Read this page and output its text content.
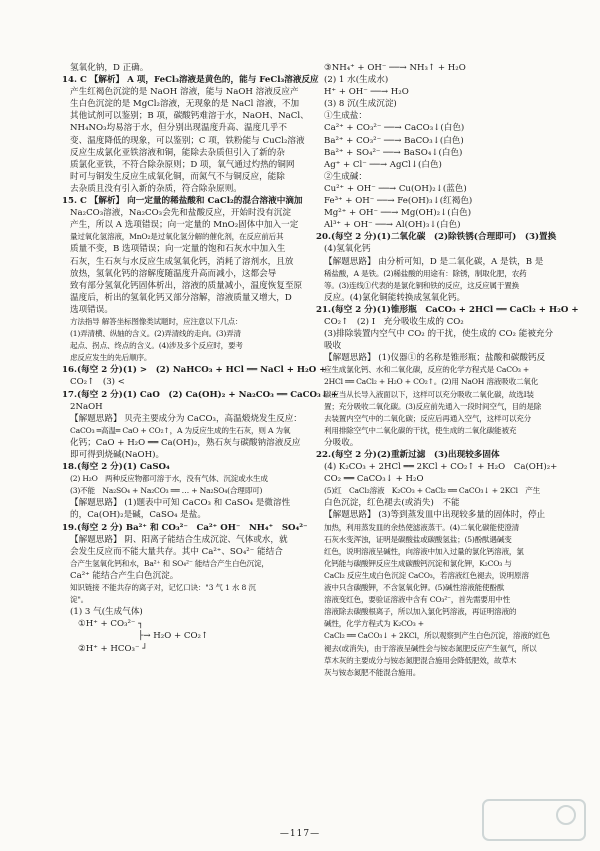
氢氧化钠，D 正确。
14. C 【解析】 A 项，FeCl₃溶液是黄色的，能与 FeCl₃溶液反应
产生红褐色沉淀的是 NaOH 溶液，能与 NaOH 溶液反应产
生白色沉淀的是 MgCl₂溶液，无现象的是 NaCl 溶液，不加
其他试剂可以鉴别；B 项，碳酸钙难溶于水，NaOH、NaCl、
NH₄NO₃均易溶于水，但分别出现温度升高、温度几乎不
变、温度降低的现象，可以鉴别；C 项，铁粉能与 CuCl₂溶液
反应生成氯化亚铁溶液和铜，能除去杂质但引入了新的杂
质氯化亚铁，不符合除杂原则；D 项，氧气通过灼热的铜网
时可与铜发生反应生成氧化铜，而氮气不与铜反应，能除
去杂质且没有引入新的杂质，符合除杂原则。
15. C 【解析】 向一定量的稀盐酸和 CaCl₂的混合溶液中滴加
Na₂CO₃溶液，Na₂CO₃会先和盐酸反应，开始时没有沉淀
产生，所以 A 选项错误；向一定量的 MnO₂固体中加入一定
量过氧化氢溶液，MnO₂是过氧化氢分解的催化剂，在反应前后其
质量不变，B 选项错误；向一定量的饱和石灰水中加入生
石灰，生石灰与水反应生成氢氧化钙，消耗了溶剂水，且放
放热，氢氧化钙的溶解度随温度升高而减小，这都会导
致有部分氢氧化钙固体析出，溶液的质量减小，温度恢复至原
温度后，析出的氢氧化钙又部分溶解，溶液质量又增大，D
选项错误。
方法指导 解答坐标图像类试题时，应注意以下几点：
(1)弄清横、纵轴的含义。(2)弄清线的走向。(3)弄清
起点、拐点、终点的含义。(4)涉及多个反应时，要考
虑反应发生的先后顺序。
16.(每空 2 分)(1) >　(2) NaHCO₃ + HCl ══ NaCl + H₂O +
CO₂↑　(3) <
17.(每空 2 分)(1) CaO　(2) Ca(OH)₂ + Na₂CO₃ ══ CaCO₃↓ +
2NaOH
【解题思路】 贝壳主要成分为 CaCO₃，高温煅烧发生反应：
CaCO₃ ═高温═ CaO + CO₂↑，A 为反应生成的生石灰，则 A 为氧
化钙；CaO + H₂O ══ Ca(OH)₂，熟石灰与碳酸钠溶液反应
即可得到烧碱(NaOH)。
18.(每空 2 分)(1) CaSO₄
(2) H₂O　两种反应物都可溶于水，没有气体、沉淀或水生成
(3)不能　Na₂SO₄ + Na₂CO₃ ══ … + Na₂SO₄(合理即可)
【解题思路】 (1)题表中可知 CaCO₃ 和 CaSO₄ 是微溶性
的，Ca(OH)₂是碱，CaSO₄ 是盐。
19.(每空 2 分) Ba²⁺ 和 CO₃²⁻　Ca²⁺ OH⁻　NH₄⁺　SO₄²⁻
【解题思路】 阴、阳离子能结合生成沉淀、气体或水，就
会发生反应而不能大量共存。其中 Ca²⁺、SO₄²⁻ 能结合
合产生氢氧化钙和水，Ba²⁺ 和 SO₄²⁻ 能结合产生白色沉淀，
Ca²⁺ 能结合产生白色沉淀。
知识链接 不能共存的离子对，记忆口诀："3 气 1 水 8 沉
淀"。
(1) 3 气(生成气体)
①H⁺ + CO₃²⁻ ┐
　　　　　　　├→ H₂O + CO₂↑
②H⁺ + HCO₃⁻ ┘
③NH₄⁺ + OH⁻ ──→ NH₃↑ + H₂O
(2) 1 水(生成水)
H⁺ + OH⁻ ──→ H₂O
(3) 8 沉(生成沉淀)
①生成盐：
Ca²⁺ + CO₃²⁻ ──→ CaCO₃↓(白色)
Ba²⁺ + CO₃²⁻ ──→ BaCO₃↓(白色)
Ba²⁺ + SO₄²⁻ ──→ BaSO₄↓(白色)
Ag⁺ + Cl⁻ ──→ AgCl↓(白色)
②生成碱：
Cu²⁺ + OH⁻ ──→ Cu(OH)₂↓(蓝色)
Fe³⁺ + OH⁻ ──→ Fe(OH)₃↓(红褐色)
Mg²⁺ + OH⁻ ──→ Mg(OH)₂↓(白色)
Al³⁺ + OH⁻ ──→ Al(OH)₃↓(白色)
20.(每空 2 分)(1)二氧化碳　(2)除铁锈(合理即可)　(3)置换
(4)氢氧化钙
【解题思路】 由分析可知，D 是二氧化碳，A 是铁，B 是
稀盐酸，A 是铁。(2)稀盐酸的用途有：除锈，制取化肥，农药
等。(3)连线①代表的是氯化铜和铁的反应，这反应属于置换
反应。(4)氯化铜能转换成氢氧化钙。
21.(每空 2 分)(1)锥形瓶　CaCO₃ + 2HCl ══ CaCl₂ + H₂O +
CO₂↑　(2) Ⅰ　充分吸收生成的 CO₂
(3)排除装置内空气中 CO₂ 的干扰，使生成的 CO₂ 能被充分
吸收
【解题思路】 (1)仪器①的名称是锥形瓶；盐酸和碳酸钙反
应生成氯化钙、水和二氧化碳，反应的化学方程式是 CaCO₃ +
2HCl ══ CaCl₂ + H₂O + CO₂↑。(2)用 NaOH 溶液吸收二氧化
碳应当从长导入液面以下，这样可以充分吸收二氧化碳，故选Ⅰ装
置；充分吸收二氧化碳。(3)反应前先通入一段时间空气，目的是除
去装置内空气中的二氧化碳；反应后再通入空气，这样可以充分
利用排除空气中二氧化碳的干扰，使生成的二氧化碳能被充
分吸收。
22.(每空 2 分)(2)重新过滤　(3)出现较多固体
(4) K₂CO₃ + 2HCl ══ 2KCl + CO₂↑ + H₂O　Ca(OH)₂+
CO₂ ══ CaCO₃↓ + H₂O
(5)红　CaCl₂溶液　K₂CO₃ + CaCl₂ ══ CaCO₃↓ + 2KCl　产生
白色沉淀，红色褪去(或消失)　不能
【解题思路】 (3)等到蒸发皿中出现较多量的固体时，停止
加热，利用蒸发皿的余热使滤液蒸干。(4)二氧化碳能使澄清
石灰水变浑浊，证明是碳酸盐或碳酸氢盐；(5)酚酞遇碱变
红色，说明溶液呈碱性，向溶液中加入过量的氯化钙溶液，氯
化钙能与碳酸钾反应生成碳酸钙沉淀和氯化钾，K₂CO₃ 与
CaCl₂ 反应生成白色沉淀 CaCO₃，若溶液红色褪去，说明原溶
液中只含碳酸钾，不含氢氧化钾。(5)碱性溶液能使酚酞
溶液变红色，要验证溶液中含有 CO₃²⁻，首先需要用中性
溶液除去碳酸根离子，所以加入氯化钙溶液，再证明溶液的
碱性，化学方程式为 K₂CO₃ +
CaCl₂ ══ CaCO₃↓ + 2KCl，所以观察到产生白色沉淀，溶液的红色
褪去(或消失)，由于溶液呈碱性会与铵态氮肥反应产生氨气，所以
草木灰的主要成分与铵态氮肥混合施用会降低肥效，故草木
灰与铵态氮肥不能混合施用。
—117—
